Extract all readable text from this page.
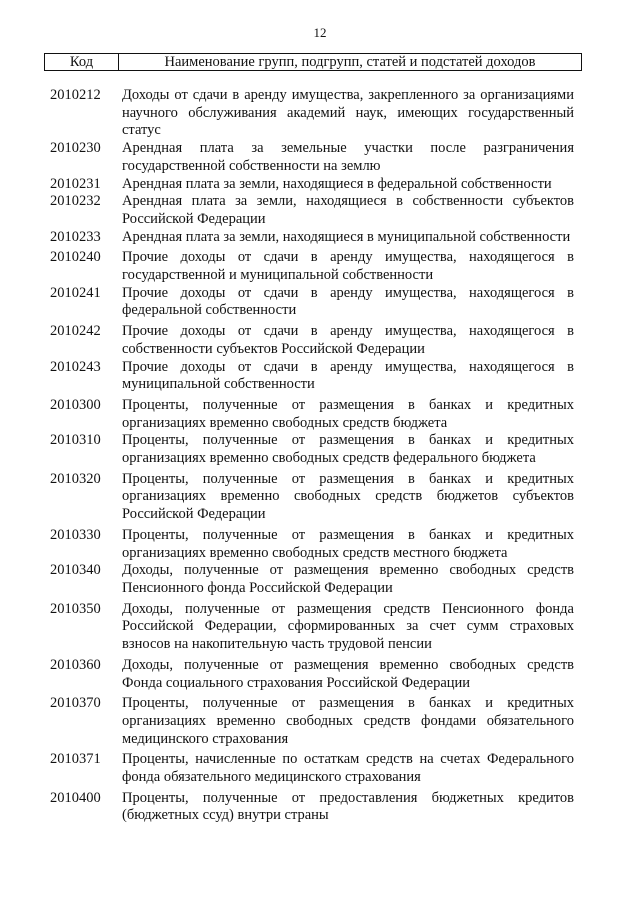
12
Код	Наименование групп, подгрупп, статей и подстатей доходов
2010212	Доходы от сдачи в аренду имущества, закрепленного за организациями научного обслуживания академий наук, имеющих государственный статус
2010230	Арендная плата за земельные участки после разграничения государственной собственности на землю
2010231	Арендная плата за земли, находящиеся в федеральной собственности
2010232	Арендная плата за земли, находящиеся в собственности субъектов Российской Федерации
2010233	Арендная плата за земли, находящиеся в муниципальной собственности
2010240	Прочие доходы от сдачи в аренду имущества, находящегося в государственной и муниципальной собственности
2010241	Прочие доходы от сдачи в аренду имущества, находящегося в федеральной собственности
2010242	Прочие доходы от сдачи в аренду имущества, находящегося в собственности субъектов Российской Федерации
2010243	Прочие доходы от сдачи в аренду имущества, находящегося в муниципальной собственности
2010300	Проценты, полученные от размещения в банках и кредитных организациях временно свободных средств бюджета
2010310	Проценты, полученные от размещения в банках и кредитных организациях временно свободных средств федерального бюджета
2010320	Проценты, полученные от размещения в банках и кредитных организациях временно свободных средств бюджетов субъектов Российской Федерации
2010330	Проценты, полученные от размещения в банках и кредитных организациях временно свободных средств местного бюджета
2010340	Доходы, полученные от размещения временно свободных средств Пенсионного фонда Российской Федерации
2010350	Доходы, полученные от размещения средств Пенсионного фонда Российской Федерации, сформированных за счет сумм страховых взносов на накопительную часть трудовой пенсии
2010360	Доходы, полученные от размещения временно свободных средств Фонда социального страхования Российской Федерации
2010370	Проценты, полученные от размещения в банках и кредитных организациях временно свободных средств фондами обязательного медицинского страхования
2010371	Проценты, начисленные по остаткам средств на счетах Федерального фонда обязательного медицинского страхования
2010400	Проценты, полученные от предоставления бюджетных кредитов (бюджетных ссуд) внутри страны
